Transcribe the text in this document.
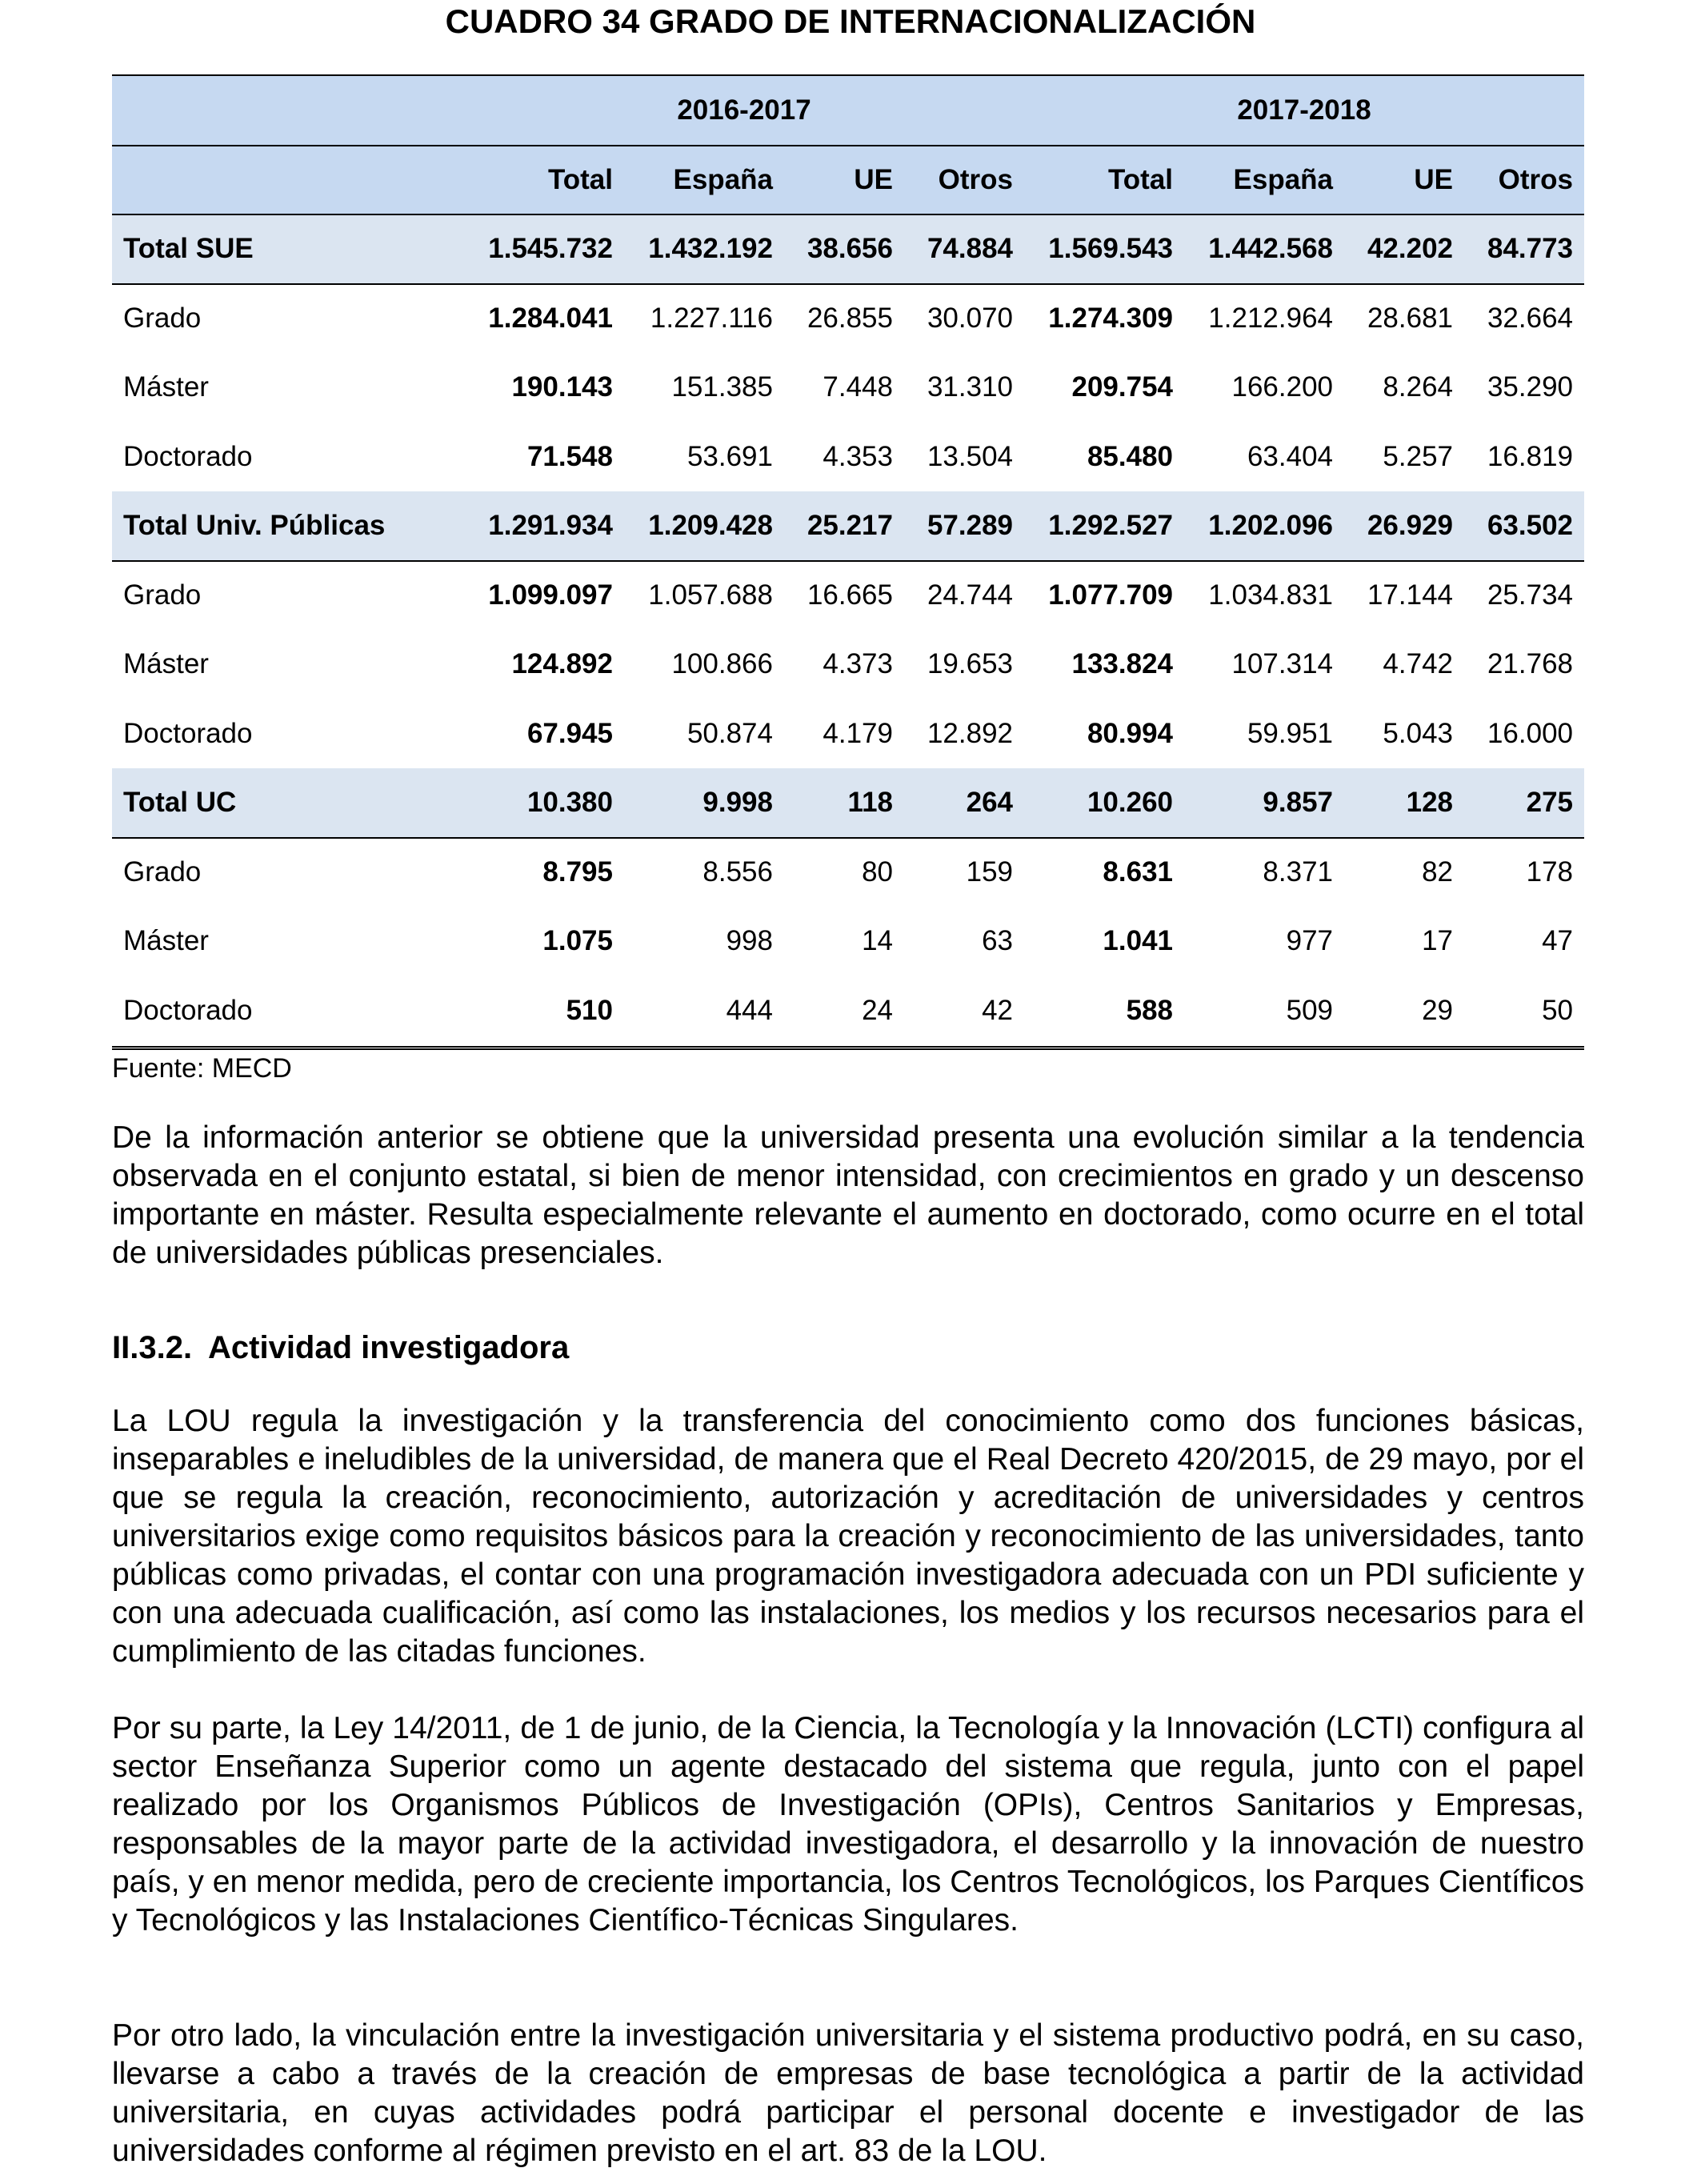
CUADRO 34 GRADO DE INTERNACIONALIZACIÓN
	2016-2017				2017-2018			
	Total	España	UE	Otros	Total	España	UE	Otros
Total SUE	1.545.732	1.432.192	38.656	74.884	1.569.543	1.442.568	42.202	84.773
Grado	1.284.041	1.227.116	26.855	30.070	1.274.309	1.212.964	28.681	32.664
Máster	190.143	151.385	7.448	31.310	209.754	166.200	8.264	35.290
Doctorado	71.548	53.691	4.353	13.504	85.480	63.404	5.257	16.819
Total Univ. Públicas	1.291.934	1.209.428	25.217	57.289	1.292.527	1.202.096	26.929	63.502
Grado	1.099.097	1.057.688	16.665	24.744	1.077.709	1.034.831	17.144	25.734
Máster	124.892	100.866	4.373	19.653	133.824	107.314	4.742	21.768
Doctorado	67.945	50.874	4.179	12.892	80.994	59.951	5.043	16.000
Total UC	10.380	9.998	118	264	10.260	9.857	128	275
Grado	8.795	8.556	80	159	8.631	8.371	82	178
Máster	1.075	998	14	63	1.041	977	17	47
Doctorado	510	444	24	42	588	509	29	50
Fuente: MECD

De la información anterior se obtiene que la universidad presenta una evolución similar a la tendencia observada en el conjunto estatal, si bien de menor intensidad, con crecimientos en grado y un descenso importante en máster. Resulta especialmente relevante el aumento en doctorado, como ocurre en el total de universidades públicas presenciales.

II.3.2. Actividad investigadora

La LOU regula la investigación y la transferencia del conocimiento como dos funciones básicas, inseparables e ineludibles de la universidad, de manera que el Real Decreto 420/2015, de 29 mayo, por el que se regula la creación, reconocimiento, autorización y acreditación de universidades y centros universitarios exige como requisitos básicos para la creación y reconocimiento de las universidades, tanto públicas como privadas, el contar con una programación investigadora adecuada con un PDI suficiente y con una adecuada cualificación, así como las instalaciones, los medios y los recursos necesarios para el cumplimiento de las citadas funciones.

Por su parte, la Ley 14/2011, de 1 de junio, de la Ciencia, la Tecnología y la Innovación (LCTI) configura al sector Enseñanza Superior como un agente destacado del sistema que regula, junto con el papel realizado por los Organismos Públicos de Investigación (OPIs), Centros Sanitarios y Empresas, responsables de la mayor parte de la actividad investigadora, el desarrollo y la innovación de nuestro país, y en menor medida, pero de creciente importancia, los Centros Tecnológicos, los Parques Científicos y Tecnológicos y las Instalaciones Científico-Técnicas Singulares.

Por otro lado, la vinculación entre la investigación universitaria y el sistema productivo podrá, en su caso, llevarse a cabo a través de la creación de empresas de base tecnológica a partir de la actividad universitaria, en cuyas actividades podrá participar el personal docente e investigador de las universidades conforme al régimen previsto en el art. 83 de la LOU.
